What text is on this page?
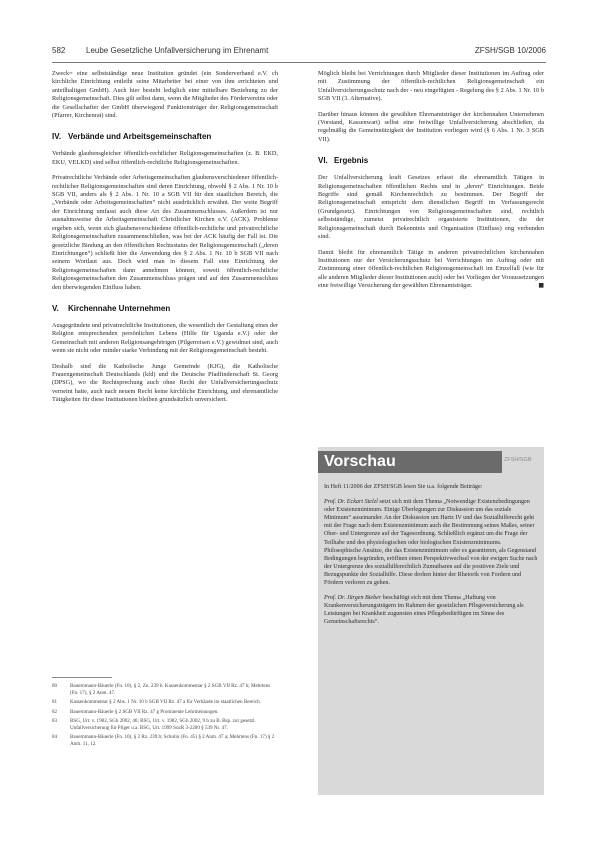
582	Leube Gesetzliche Unfallversicherung im Ehrenamt	ZFSH/SGB 10/2006

Zweck= eine selbstständige neue Institution gründet (ein Sonderverband e.V. ch kirchliche Einrichtung entleiht seine Mitarbeiter bei einer von ihm errichteten und anteilhaltigen GmbH). Auch hier besteht lediglich eine mittelbare Beziehung zu der Religionsgemeinschaft. Dies gilt selbst dann, wenn die Mitglieder des Fördervereins oder die Gesellschafter der GmbH überwiegend Funktionsträger der Religionsgemeinschaft (Pfarrer, Kirchenrat) sind.

IV. Verbände und Arbeitsgemeinschaften

Verbände glaubensgleicher öffentlich-rechtlicher Religionsgemeinschaften (z. B. EKD, EKU, VELKD) sind selbst öffentlich-rechtliche Religionsgemeinschaften.

Privatrechtliche Verbände oder Arbeitsgemeinschaften glaubensverschiedener öffentlich-rechtlicher Religionsgemeinschaften sind deren Einrichtung, obwohl § 2 Abs. 1 Nr. 10 b SGB VII, anders als § 2 Abs. 1 Nr. 10 a SGB VII für den staatlichen Bereich, die „Verbände oder Arbeitsgemeinschaften“ nicht ausdrücklich erwähnt. Der weite Begriff der Einrichtung umfasst auch diese Art des Zusammenschlusses. Außerdem ist nur ausnahmsweise die Arbeitsgemeinschaft Christlicher Kirchen e.V. (ACK). Probleme ergeben sich, wenn sich glaubensverschiedene öffentlich-rechtliche und privatrechtliche Religionsgemeinschaften zusammenschließen, was bei der ACK häufig der Fall ist. Die gesetzliche Bindung an den öffentlichen Rechtsstatus der Religionsgemeinschaft („deren Einrichtungen“) schließt hier die Anwendung des § 2 Abs. 1 Nr. 10 b SGB VII nach seinem Wortlaut aus. Doch wird man in diesem Fall eine Einrichtung der Religionsgemeinschaften dann annehmen können, soweit öffentlich-rechtliche Religionsgemeinschaften den Zusammenschluss prägen und auf den Zusammenschluss den überwiegenden Einfluss haben.

V. Kirchennahe Unternehmen

Ausgegründete und privatrechtliche Institutionen, die wesentlich der Gestaltung eines der Religion entsprechenden persönlichen Lebens (Hilfe für Uganda e.V.) oder der Gemeinschaft mit anderen Religionsangehörigen (Pilgerreisen e.V.) gewidmet sind, auch wenn sie nicht oder minder starke Verbindung mit der Religionsgemeinschaft besteht.

Deshalb sind die Katholische Junge Gemeinde (KJG), die Katholische Frauengemeinschaft Deutschlands (kfd) und die Deutsche Pfadfinderschaft St. Georg (DPSG), wo die Rechtsprechung auch ohne Recht der Unfallversicherungsschutz verneint hatte, auch nach neuem Recht keine kirchliche Einrichtung, und ehrenamtliche Tätigkeiten für diese Institutionen bleiben grundsätzlich unversichert.

80	Bauernmann-Bäuerle (Fn. 10), § 2, Zn. 239 b. Kassenkommentar § 2 SGB VII Rz. 47 b; Mehrtens (Fn. 17), § 2 Anm. 47.
81	Kassenkommentar § 2 Abs. 1 Nr. 10 b SGB VII Rz. 47 a für Verbände im staatlichen Bereich.
82	Bauernmann-Bäuerle § 2 SGB VII Rz. 47 g Prominente Lehrmeinungen.
83	BSG, Urt. v. 1982, SGb 2002, 46; BSG, Urt. v. 1982, SGb 2002, 9 b zu B. Bsp. zur gesetzl. Unfallversicherung für Pilger u.a. BSG, Urt. 1999 SozR 3-2200 § 539 Nr. 47.
84	Bauernmann-Bäuerle (Fn. 10), § 2 Rz. 239 b; Schulin (Fn. 45) § 2 Anm. 47 a; Mehrtens (Fn. 17) § 2 Anm. 11, 12.

Möglich bleibt bei Verrichtungen durch Mitglieder dieser Institutionen im Auftrag oder mit Zustimmung der öffentlich-rechtlichen Religionsgemeinschaft ein Unfallversicherungsschutz nach der - neu eingefügten - Regelung des § 2 Abs. 1 Nr. 10 b SGB VII (3. Alternative).

Darüber hinaus können die gewählten Ehrenamtsträger der kirchennahen Unternehmen (Vorstand, Kassenwart) selbst eine freiwillige Unfallversicherung abschließen, da regelmäßig die Gemeinnützigkeit der Institution vorliegen wird (§ 6 Abs. 1 Nr. 3 SGB VII).

VI. Ergebnis

Der Unfallversicherung kraft Gesetzes erfasst die ehrenamtlich Tätigen in Religionsgemeinschaften öffentlichen Rechts und in „deren“ Einrichtungen. Beide Begriffe sind gemäß Kirchenrechtlich zu bestimmen. Der Begriff der Religionsgemeinschaft entspricht dem dienstlichen Begriff im Verfassungsrecht (Grundgesetz). Einrichtungen von Religionsgemeinschaften sind, rechtlich selbstständige, zumeist privatrechtlich organisierte Institutionen, die der Religionsgemeinschaft durch Bekenntnis und Organisation (Einfluss) eng verbunden sind.

Damit bleibt für ehrenamtlich Tätige in anderen privatrechtlichen kirchennahen Institutionen nur der Versicherungsschutz bei Verrichtungen im Auftrag oder mit Zustimmung einer öffentlich-rechtlichen Religionsgemeinschaft im Einzelfall (wie für alle anderen Mitglieder dieser Institutionen auch) oder bei Vorliegen der Voraussetzungen eine freiwillige Versicherung der gewählten Ehrenamtsträger.	■

Vorschau	ZFSH/SGB

In Heft 11/2006 der ZFSH/SGB lesen Sie u.a. folgende Beiträge:

Prof. Dr. Eckart Stelzl setzt sich mit dem Thema „Notwendige Existenzbedingungen oder Existenzminimum. Einige Überlegungen zur Diskussion um das soziale Minimum“ auseinander. An der Diskussion um Hartz IV und das Sozialhilferecht geht mit der Frage nach dem Existenzminimum auch die Bestimmung seines Maßes, seiner Ober- und Untergrenze auf der Tagesordnung. Schließlich ergänzt um die Frage der Teilhabe und des physiologischen oder biologischen Existenzminimums. Philosophische Ansätze, die das Existenzminimum oder es garantieren, als Gegenstand Bedingungen begründen, eröffnen einen Perspektivwechsel von der ewigen Suche nach der Untergrenze des sozialhilferechtlich Zumutbaren auf die positiven Ziele und Bezugspunkte der Sozialhilfe. Diese drohen hinter der Rhetorik von Fordern und Fördern verloren zu gehen.

Prof. Dr. Jürgen Bieber beschäftigt sich mit dem Thema „Haftung von Krankenversicherungsträgern im Rahmen der gesetzlichen Pflegeversicherung als Leistungen bei Krankheit zugunsten eines Pflegebedürftigen im Sinne des Gemeinschaftsrechts“.
